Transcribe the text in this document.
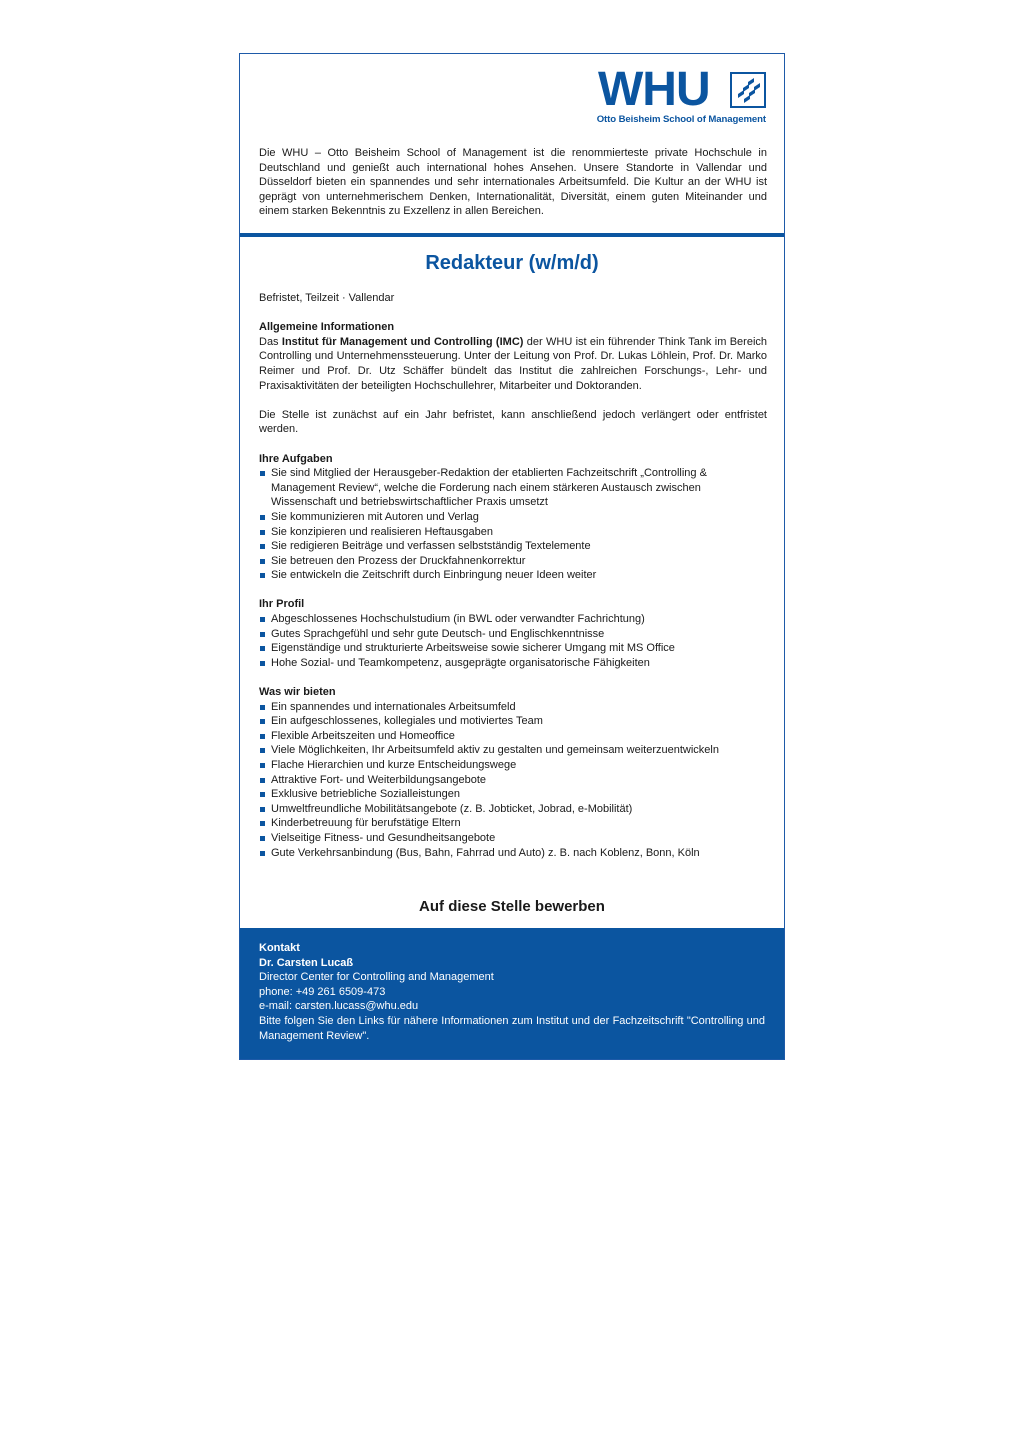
WHU
Otto Beisheim School of Management

Die WHU – Otto Beisheim School of Management ist die renommierteste private Hochschule in Deutschland und genießt auch international hohes Ansehen. Unsere Standorte in Vallendar und Düsseldorf bieten ein spannendes und sehr internationales Arbeitsumfeld. Die Kultur an der WHU ist geprägt von unternehmerischem Denken, Internationalität, Diversität, einem guten Miteinander und einem starken Bekenntnis zu Exzellenz in allen Bereichen.

Redakteur (w/m/d)

Befristet, Teilzeit · Vallendar

Allgemeine Informationen

Das Institut für Management und Controlling (IMC) der WHU ist ein führender Think Tank im Bereich Controlling und Unternehmenssteuerung. Unter der Leitung von Prof. Dr. Lukas Löhlein, Prof. Dr. Marko Reimer und Prof. Dr. Utz Schäffer bündelt das Institut die zahlreichen Forschungs-, Lehr- und Praxisaktivitäten der beteiligten Hochschullehrer, Mitarbeiter und Doktoranden.

Die Stelle ist zunächst auf ein Jahr befristet, kann anschließend jedoch verlängert oder entfristet werden.

Ihre Aufgaben
Sie sind Mitglied der Herausgeber-Redaktion der etablierten Fachzeitschrift „Controlling & Management Review“, welche die Forderung nach einem stärkeren Austausch zwischen Wissenschaft und betriebswirtschaftlicher Praxis umsetzt
Sie kommunizieren mit Autoren und Verlag
Sie konzipieren und realisieren Heftausgaben
Sie redigieren Beiträge und verfassen selbstständig Textelemente
Sie betreuen den Prozess der Druckfahnenkorrektur
Sie entwickeln die Zeitschrift durch Einbringung neuer Ideen weiter
Ihr Profil
Abgeschlossenes Hochschulstudium (in BWL oder verwandter Fachrichtung)
Gutes Sprachgefühl und sehr gute Deutsch- und Englischkenntnisse
Eigenständige und strukturierte Arbeitsweise sowie sicherer Umgang mit MS Office
Hohe Sozial- und Teamkompetenz, ausgeprägte organisatorische Fähigkeiten
Was wir bieten
Ein spannendes und internationales Arbeitsumfeld
Ein aufgeschlossenes, kollegiales und motiviertes Team
Flexible Arbeitszeiten und Homeoffice
Viele Möglichkeiten, Ihr Arbeitsumfeld aktiv zu gestalten und gemeinsam weiterzuentwickeln
Flache Hierarchien und kurze Entscheidungswege
Attraktive Fort- und Weiterbildungsangebote
Exklusive betriebliche Sozialleistungen
Umweltfreundliche Mobilitätsangebote (z. B. Jobticket, Jobrad, e-Mobilität)
Kinderbetreuung für berufstätige Eltern
Vielseitige Fitness- und Gesundheitsangebote
Gute Verkehrsanbindung (Bus, Bahn, Fahrrad und Auto) z. B. nach Koblenz, Bonn, Köln

Auf diese Stelle bewerben

Kontakt

Dr. Carsten Lucaß

Director Center for Controlling and Management

phone: +49 261 6509-473

e-mail: carsten.lucass@whu.edu

Bitte folgen Sie den Links für nähere Informationen zum Institut und der Fachzeitschrift "Controlling und Management Review".
